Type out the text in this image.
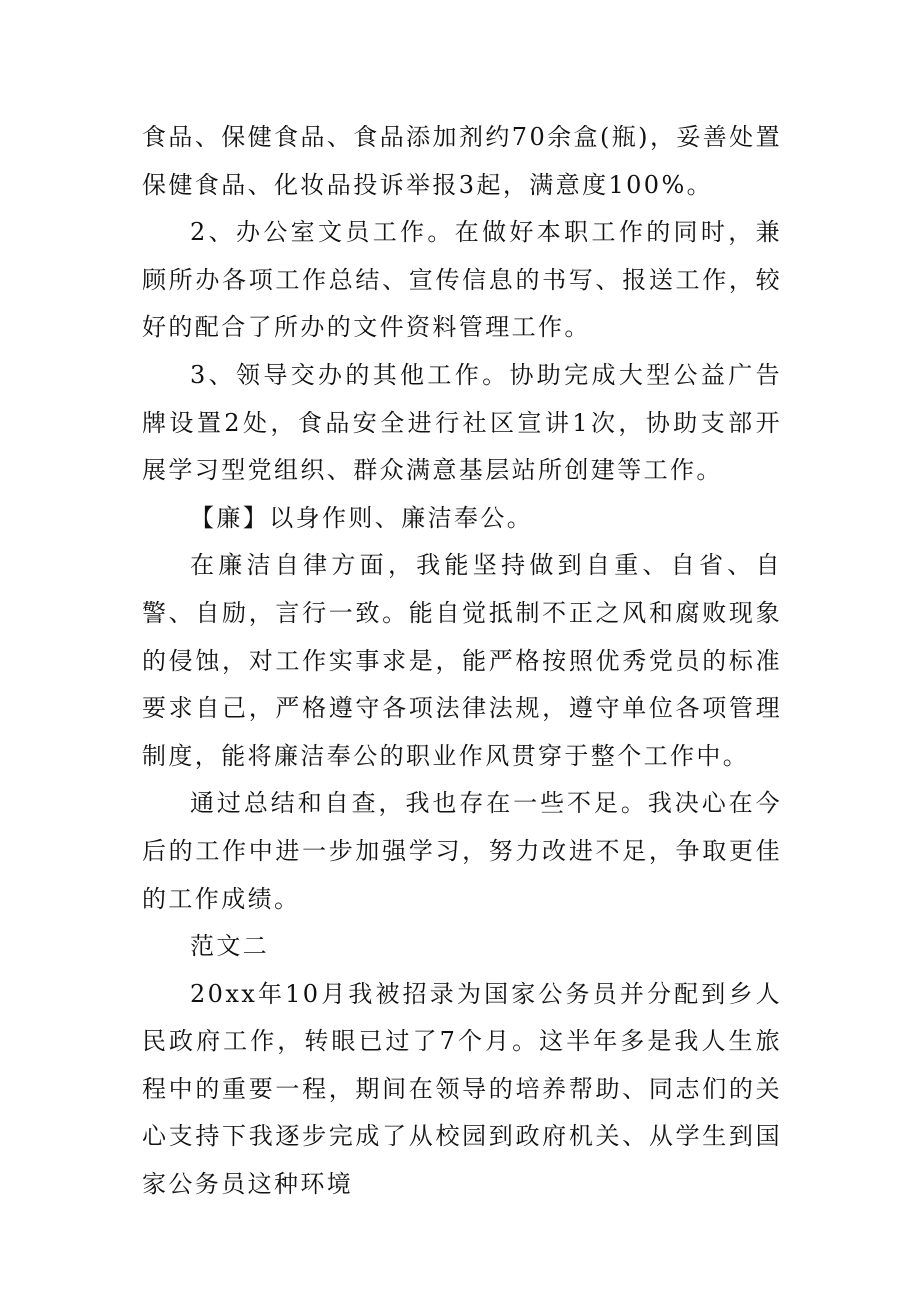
食品、保健食品、食品添加剂约70余盒(瓶)，妥善处置保健食品、化妆品投诉举报3起，满意度100%。

2、办公室文员工作。在做好本职工作的同时，兼顾所办各项工作总结、宣传信息的书写、报送工作，较好的配合了所办的文件资料管理工作。

3、领导交办的其他工作。协助完成大型公益广告牌设置2处，食品安全进行社区宣讲1次，协助支部开展学习型党组织、群众满意基层站所创建等工作。

【廉】以身作则、廉洁奉公。

在廉洁自律方面，我能坚持做到自重、自省、自警、自励，言行一致。能自觉抵制不正之风和腐败现象的侵蚀，对工作实事求是，能严格按照优秀党员的标准要求自己，严格遵守各项法律法规，遵守单位各项管理制度，能将廉洁奉公的职业作风贯穿于整个工作中。

通过总结和自查，我也存在一些不足。我决心在今后的工作中进一步加强学习，努力改进不足，争取更佳的工作成绩。

范文二

20xx年10月我被招录为国家公务员并分配到乡人民政府工作，转眼已过了7个月。这半年多是我人生旅程中的重要一程，期间在领导的培养帮助、同志们的关心支持下我逐步完成了从校园到政府机关、从学生到国家公务员这种环境
